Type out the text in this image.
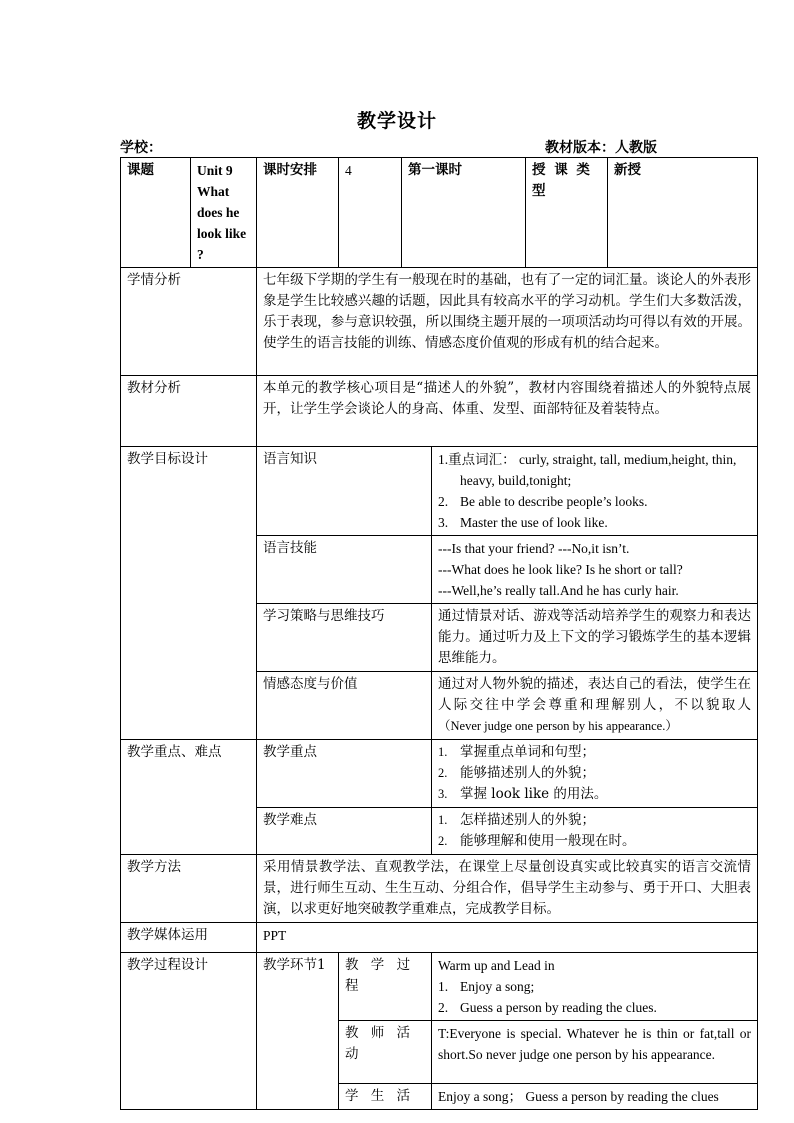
教学设计
学校：	教材版本：人教版
课题	Unit 9 What does he look like ?	课时安排	4	第一课时		授 课 类型	新授
学情分析		七年级下学期的学生有一般现在时的基础，也有了一定的词汇量。谈论人的外表形象是学生比较感兴趣的话题，因此具有较高水平的学习动机。学生们大多数活泼，乐于表现，参与意识较强，所以围绕主题开展的一项项活动均可得以有效的开展。使学生的语言技能的训练、情感态度价值观的形成有机的结合起来。					
教材分析		本单元的教学核心项目是“描述人的外貌”，教材内容围绕着描述人的外貌特点展开，让学生学会谈论人的身高、体重、发型、面部特征及着装特点。					
教学目标设计		语言知识			1.重点词汇： curly, straight, tall, medium,height, thin, heavy, build,tonight;
2. Be able to describe people’s looks.
3. Master the use of look like.		

		语言技能			---Is that your friend? ---No,it isn’t.
---What does he look like? Is he short or tall?
---Well,he’s really tall.And he has curly hair.		

		学习策略与思维技巧			通过情景对话、游戏等活动培养学生的观察力和表达能力。通过听力及上下文的学习锻炼学生的基本逻辑思维能力。		
		情感态度与价值			通过对人物外貌的描述，表达自己的看法，使学生在人际交往中学会尊重和理解别人，不以貌取人（Never judge one person by his appearance.）		
教学重点、难点		教学重点			1. 掌握重点单词和句型；
2. 能够描述别人的外貌；
3. 掌握 look like 的用法。		

		教学难点			1. 怎样描述别人的外貌；
2. 能够理解和使用一般现在时。		

教学方法		采用情景教学法、直观教学法，在课堂上尽量创设真实或比较真实的语言交流情景，进行师生互动、生生互动、分组合作，倡导学生主动参与、勇于开口、大胆表演，以求更好地突破教学重难点，完成教学目标。					
教学媒体运用		PPT					
教学过程设计		教学环节1	教 学 过程		Warm up and Lead in
1. Enjoy a song;
2. Guess a person by reading the clues.		

			教 师 活动		T:Everyone is special. Whatever he is thin or fat,tall or short.So never judge one person by his appearance.		
			学 生 活		Enjoy a song； Guess a person by reading the clues		
